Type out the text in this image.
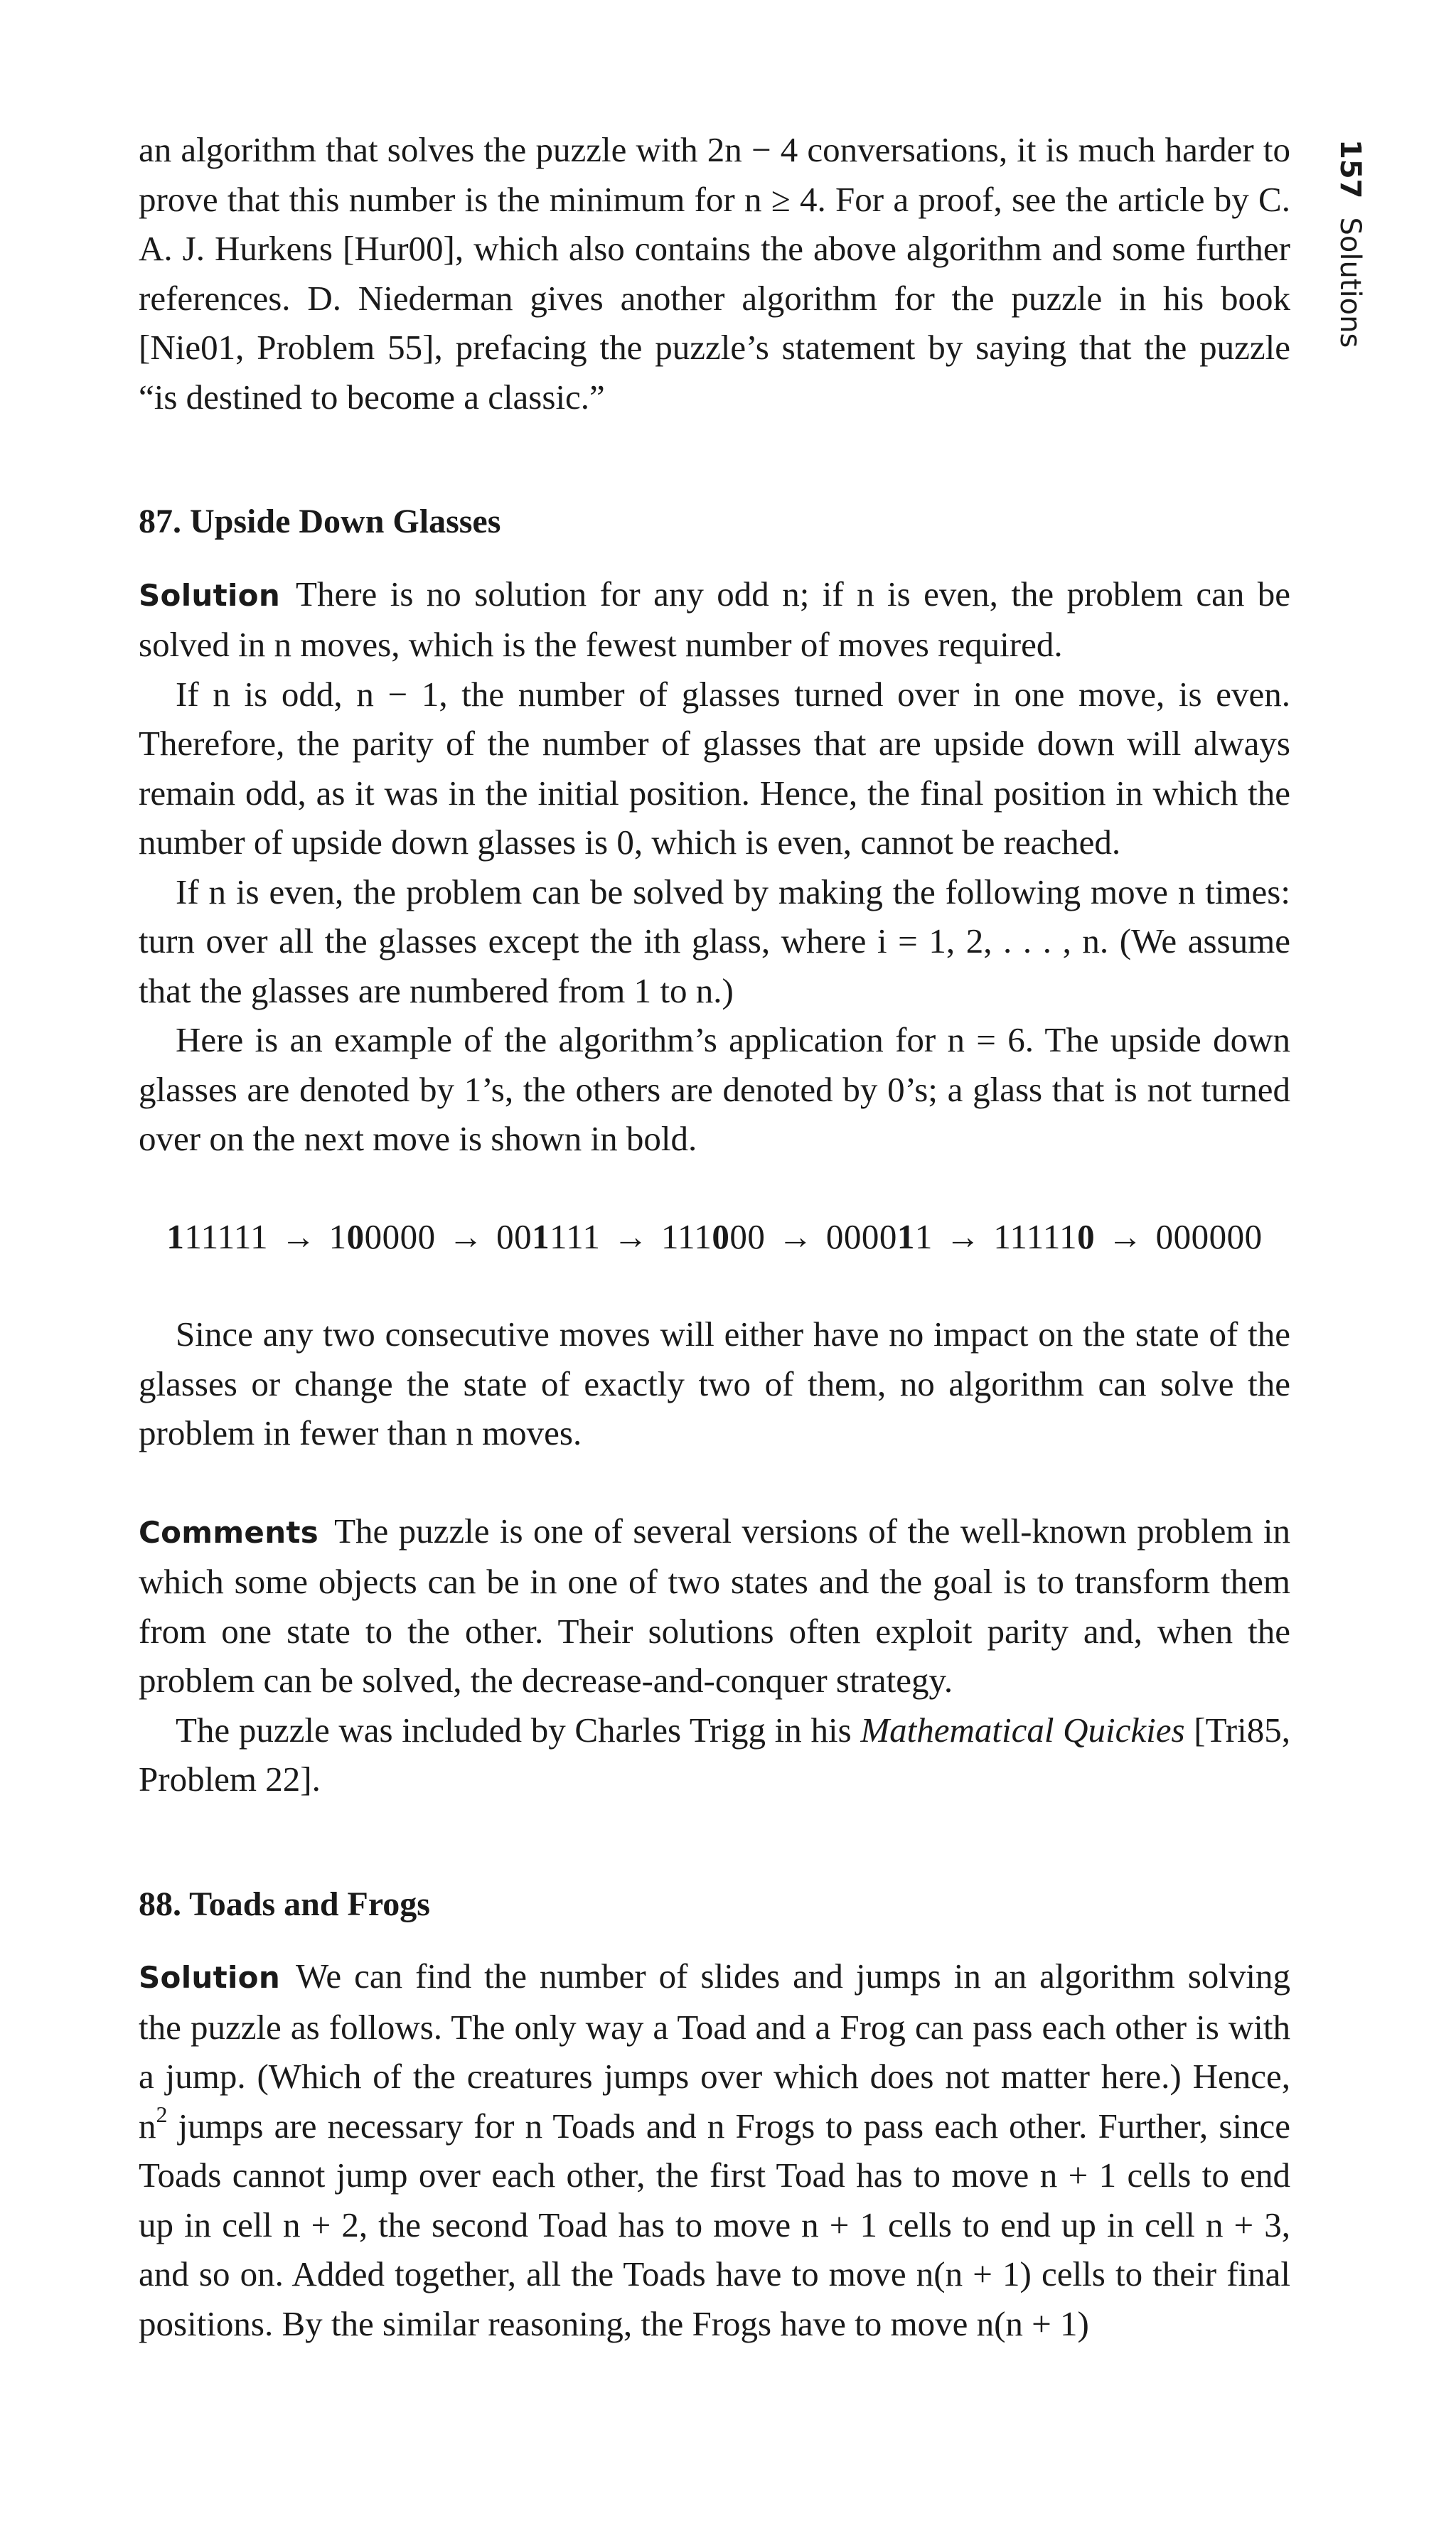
157Solutions

an algorithm that solves the puzzle with 2n − 4 conversations, it is much harder to prove that this number is the minimum for n ≥ 4. For a proof, see the article by C. A. J. Hurkens [Hur00], which also contains the above algorithm and some further references. D. Niederman gives another algorithm for the puzzle in his book [Nie01, Problem 55], prefacing the puzzle’s statement by saying that the puzzle “is destined to become a classic.”

87. Upside Down Glasses

Solution There is no solution for any odd n; if n is even, the problem can be solved in n moves, which is the fewest number of moves required.

If n is odd, n − 1, the number of glasses turned over in one move, is even. Therefore, the parity of the number of glasses that are upside down will always remain odd, as it was in the initial position. Hence, the final position in which the number of upside down glasses is 0, which is even, cannot be reached.

If n is even, the problem can be solved by making the following move n times: turn over all the glasses except the ith glass, where i = 1, 2, . . . , n. (We assume that the glasses are numbered from 1 to n.)

Here is an example of the algorithm’s application for n = 6. The upside down glasses are denoted by 1’s, the others are denoted by 0’s; a glass that is not turned over on the next move is shown in bold.

111111 → 100000 → 001111 → 111000 → 000011 → 111110 → 000000

Since any two consecutive moves will either have no impact on the state of the glasses or change the state of exactly two of them, no algorithm can solve the problem in fewer than n moves.

Comments The puzzle is one of several versions of the well-known problem in which some objects can be in one of two states and the goal is to transform them from one state to the other. Their solutions often exploit parity and, when the problem can be solved, the decrease-and-conquer strategy.

The puzzle was included by Charles Trigg in his Mathematical Quickies [Tri85, Problem 22].

88. Toads and Frogs

Solution We can find the number of slides and jumps in an algorithm solving the puzzle as follows. The only way a Toad and a Frog can pass each other is with a jump. (Which of the creatures jumps over which does not matter here.) Hence, $n^2$ jumps are necessary for n Toads and n Frogs to pass each other. Further, since Toads cannot jump over each other, the first Toad has to move n + 1 cells to end up in cell n + 2, the second Toad has to move n + 1 cells to end up in cell n + 3, and so on. Added together, all the Toads have to move n(n + 1) cells to their final positions. By the similar reasoning, the Frogs have to move n(n + 1)
